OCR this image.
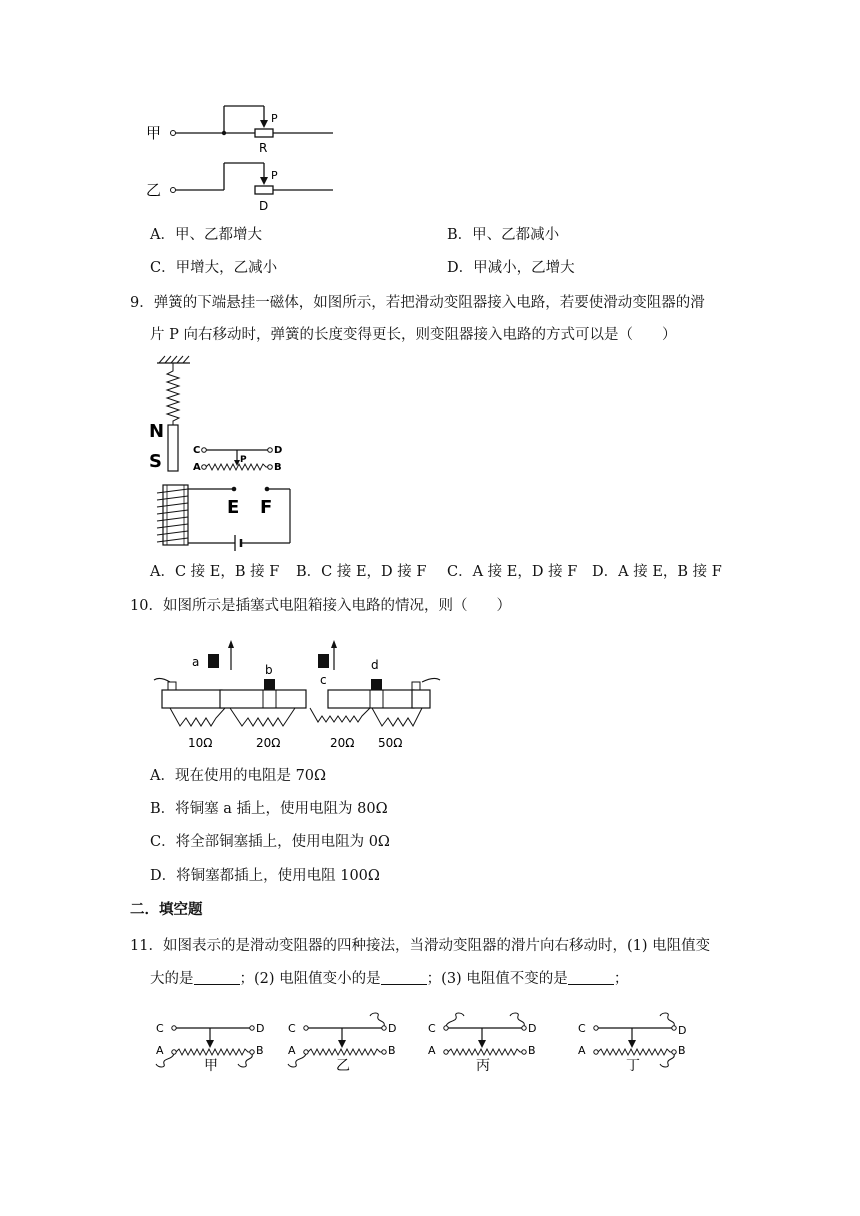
甲
P
R
乙
P
D
A．甲、乙都增大	B．甲、乙都减小
C．甲增大，乙减小	D．甲减小，乙增大
9．弹簧的下端悬挂一磁体，如图所示，若把滑动变阻器接入电路，若要使滑动变阻器的滑
片 P 向右移动时，弹簧的长度变得更长，则变阻器接入电路的方式可以是（　　）
N
S
C	D
P
A	B
E F
A．C 接 E，B 接 F B．C 接 E，D 接 F C．A 接 E，D 接 F D．A 接 E，B 接 F
10．如图所示是插塞式电阻箱接入电路的情况，则（　　）
a
c
b	d
10Ω	20Ω	20Ω 50Ω
A．现在使用的电阻是 70Ω
B．将铜塞 a 插上，使用电阻为 80Ω
C．将全部铜塞插上，使用电阻为 0Ω
D．将铜塞都插上，使用电阻 100Ω
二．填空题
11．如图表示的是滑动变阻器的四种接法，当滑动变阻器的滑片向右移动时，(1) 电阻值变
大的是	；(2) 电阻值变小的是	；(3) 电阻值不变的是	；
C	D
A	B
甲
C	D
A	B
乙
C	D
A	B
丙
C	D
A	B
丁
